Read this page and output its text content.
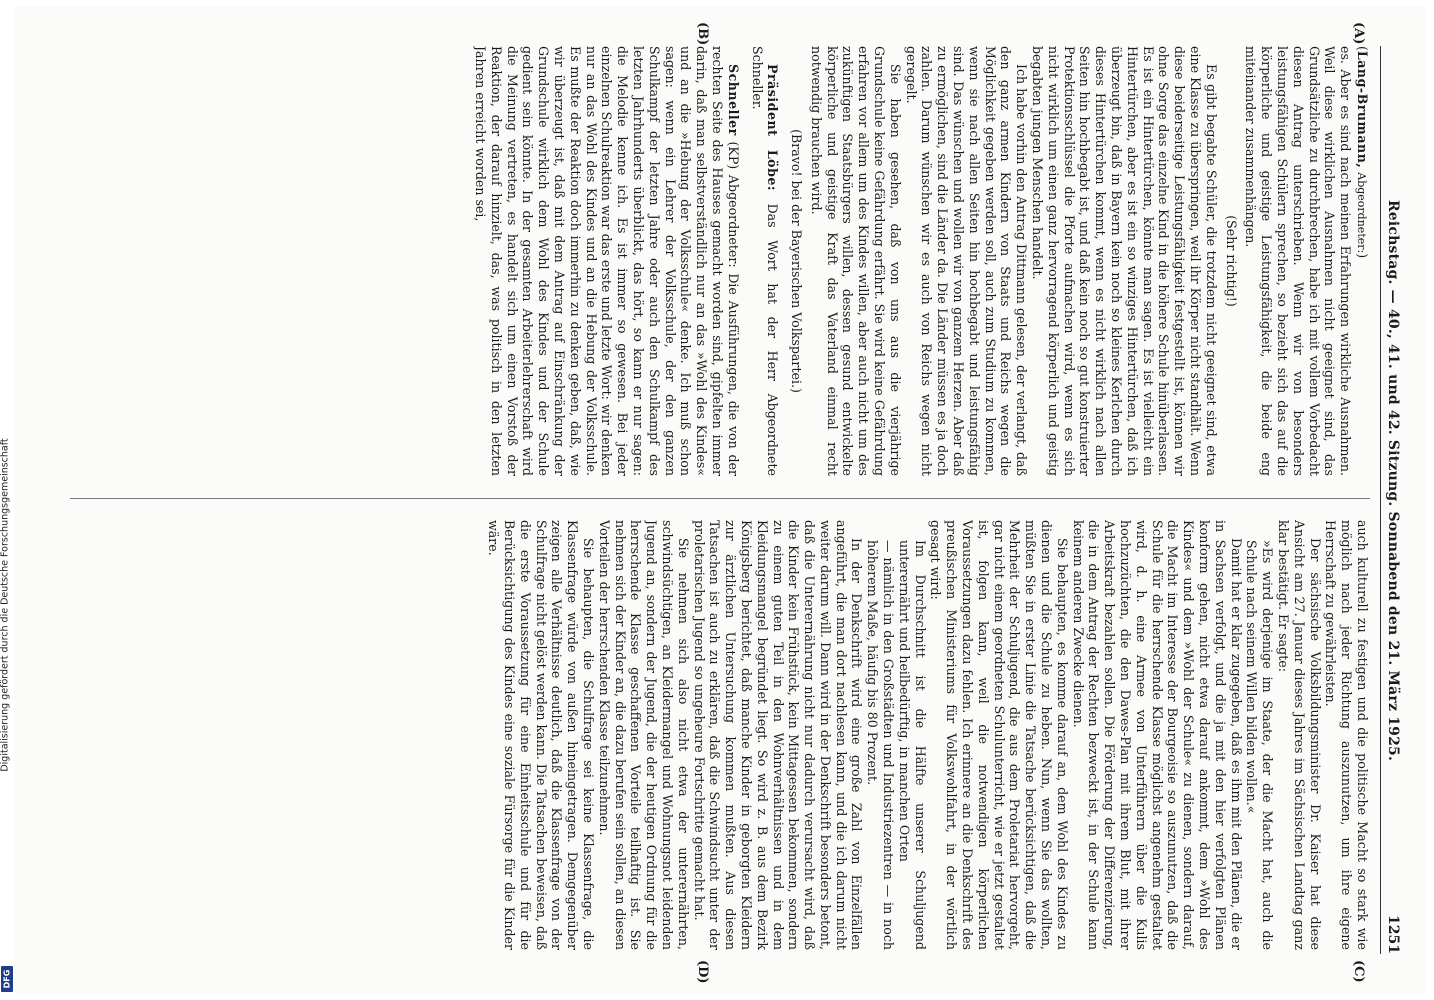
Reichstag. — 40., 41. und 42. Sitzung. Sonnabend den 21. März 1925.
1251
(A)
(B)
(C)
(D)

(Lang-Brumann, Abgeordneter:)

es. Aber es sind nach meinen Erfahrungen wirkliche Ausnahmen. Weil diese wirklichen Ausnahmen nicht geeignet sind, das Grundsätzliche zu durchbrechen, habe ich mit vollem Vorbedacht diesen Antrag unterschrieben. Wenn wir von besonders leistungsfähigen Schülern sprechen, so bezieht sich das auf die körperliche und geistige Leistungsfähigkeit, die beide eng miteinander zusammenhängen.

(Sehr richtig!)

Es gibt begabte Schüler, die trotzdem nicht geeignet sind, etwa eine Klasse zu überspringen, weil ihr Körper nicht standhält. Wenn diese beiderseitige Leistungsfähigkeit festgestellt ist, können wir ohne Sorge das einzelne Kind in die höhere Schule hinüberlassen. Es ist ein Hintertürchen, könnte man sagen. Es ist vielleicht ein Hintertürchen, aber es ist ein so winziges Hintertürchen, daß ich überzeugt bin, daß in Bayern kein noch so kleines Kerlchen durch dieses Hintertürchen kommt, wenn es nicht wirklich nach allen Seiten hin hochbegabt ist, und daß kein noch so gut konstruierter Protektionsschlüssel die Pforte aufmachen wird, wenn es sich nicht wirklich um einen ganz hervorragend körperlich und geistig begabten jungen Menschen handelt.

Ich habe vorhin den Antrag Dittmann gelesen, der verlangt, daß den ganz armen Kindern von Staats und Reichs wegen die Möglichkeit gegeben werden soll, auch zum Studium zu kommen, wenn sie nach allen Seiten hin hochbegabt und leistungsfähig sind. Das wünschen und wollen wir von ganzem Herzen. Aber daß zu ermöglichen, sind die Länder da. Die Länder müssen es ja doch zahlen. Darum wünschen wir es auch von Reichs wegen nicht geregelt.

Sie haben gesehen, daß von uns aus die vierjährige Grundschule keine Gefährdung erfährt. Sie wird keine Gefährdung erfahren vor allem um des Kindes willen, aber auch nicht um des zukünftigen Staatsbürgers willen, dessen gesund entwickelte körperliche und geistige Kraft das Vaterland einmal recht notwendig brauchen wird.

(Bravo! bei der Bayerischen Volkspartei.)

Präsident Löbe: Das Wort hat der Herr Abgeordnete Schneller.

Schneller (KP) Abgeordneter: Die Ausführungen, die von der rechten Seite des Hauses gemacht worden sind, gipfelten immer darin, daß man selbstverständlich nur an das »Wohl des Kindes« und an die »Hebung der Volksschule« denke. Ich muß schon sagen: wenn ein Lehrer der Volksschule, der den ganzen Schulkampf der letzten Jahre oder auch den Schulkampf des letzten Jahrhunderts überblickt, das hört, so kann er nur sagen: die Melodie kenne ich. Es ist immer so gewesen. Bei jeder einzelnen Schulreaktion war das erste und letzte Wort: wir denken nur an das Wohl des Kindes und an die Hebung der Volksschule. Es mußte der Reaktion doch immerhin zu denken geben, daß, wie wir überzeugt ist, daß mit dem Antrag auf Einschränkung der Grundschule wirklich dem Wohl des Kindes und der Schule gedient sein könnte. In der gesamten Arbeiterlehrerschaft wird die Meinung vertreten, es handelt sich um einen Vorstoß der Reaktion, der darauf hinzielt, das, was politisch in den letzten Jahren erreicht worden sei,

auch kulturell zu festigen und die politische Macht so stark wie möglich nach jeder Richtung auszunutzen, um ihre eigene Herrschaft zu gewährleisten.

Der sächsische Volksbildungsminister Dr. Kaiser hat diese Ansicht am 27. Januar dieses Jahres im Sächsischen Landtag ganz klar bestätigt. Er sagte:

»Es wird derjenige im Staate, der die Macht hat, auch die Schule nach seinem Willen bilden wollen.«

Damit hat er klar zugegeben, daß es ihm mit den Plänen, die er in Sachsen verfolgt, und die ja mit den hier verfolgten Plänen konform gehen, nicht etwa darauf ankommt, dem »Wohl des Kindes« und dem »Wohl der Schule« zu dienen, sondern darauf, die Macht im Interesse der Bourgeoisie so auszunutzen, daß die Schule für die herrschende Klasse möglichst angenehm gestaltet wird, d. h. eine Armee von Unterführern über die Kulis hochzuzüchten, die den Dawes-Plan mit ihrem Blut, mit ihrer Arbeitskraft bezahlen sollen. Die Förderung der Differenzierung, die in dem Antrag der Rechten bezweckt ist, in der Schule kann keinem anderen Zwecke dienen.

Sie behaupten, es komme darauf an, dem Wohl des Kindes zu dienen und die Schule zu heben. Nun, wenn Sie das wollten, müßten Sie in erster Linie die Tatsache berücksichtigen, daß die Mehrheit der Schuljugend, die aus dem Proletariat hervorgeht, gar nicht einem geordneten Schulunterricht, wie er jetzt gestaltet ist, folgen kann, weil die notwendigen körperlichen Voraussetzungen dazu fehlen. Ich erinnere an die Denkschrift des preußischen Ministeriums für Volkswohlfahrt, in der wörtlich gesagt wird:

Im Durchschnitt ist die Hälfte unserer Schuljugend unterernährt und heilbedürftig, in manchen Orten

— nämlich in den Großstädten und Industriezentren — in noch höherem Maße, häufig bis 80 Prozent.

In der Denkschrift wird eine große Zahl von Einzelfällen angeführt, die man dort nachlesen kann, und die ich darum nicht weiter darum will. Dann wird in der Denkschrift besonders betont, daß die Unterernährung nicht nur dadurch verursacht wird, daß die Kinder kein Frühstück, kein Mittagessen bekommen, sondern zu einem guten Teil in den Wohnverhältnissen und in dem Kleidungsmangel begründet liegt. So wird z. B. aus dem Bezirk Königsberg berichtet, daß manche Kinder in geborgten Kleidern zur ärztlichen Untersuchung kommen mußten. Aus diesen Tatsachen ist auch zu erklären, daß die Schwindsucht unter der proletarischen Jugend so ungeheure Fortschritte gemacht hat.

Sie nehmen sich also nicht etwa der unterernährten, schwindsüchtigen, an Kleidermangel und Wohnungsnot leidenden Jugend an, sondern der Jugend, die der heutigen Ordnung für die herrschende Klasse geschaffenen Vorteile teilhaftig ist. Sie nehmen sich der Kinder an, die dazu berufen sein sollen, an diesen Vorteilen der herrschenden Klasse teilzunehmen.

Sie behaupten, die Schulfrage sei keine Klassenfrage, die Klassenfrage würde von außen hineingetragen. Demgegenüber zeigen alle Verhältnisse deutlich, daß die Klassenfrage von der Schulfrage nicht gelöst werden kann. Die Tatsachen beweisen, daß die erste Voraussetzung für eine Einheitsschule und für die Berücksichtigung des Kindes eine soziale Fürsorge für die Kinder wäre.

Digitalisierung gefördert durch die Deutsche Forschungsgemeinschaft
DFG
